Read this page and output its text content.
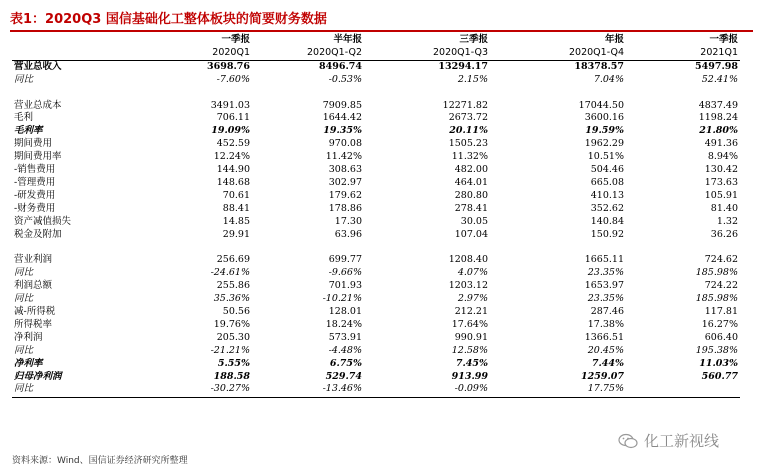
表1：2020Q3 国信基础化工整体板块的简要财务数据
	一季报	半年报	三季报	年报	一季报
	2020Q1	2020Q1-Q2	2020Q1-Q3	2020Q1-Q4	2021Q1
营业总收入	3698.76	8496.74	13294.17	18378.57	5497.98
同比	-7.60%	-0.53%	2.15%	7.04%	52.41%

营业总成本	3491.03	7909.85	12271.82	17044.50	4837.49
毛利	706.11	1644.42	2673.72	3600.16	1198.24
毛利率	19.09%	19.35%	20.11%	19.59%	21.80%
期间费用	452.59	970.08	1505.23	1962.29	491.36
期间费用率	12.24%	11.42%	11.32%	10.51%	8.94%
-销售费用	144.90	308.63	482.00	504.46	130.42
-管理费用	148.68	302.97	464.01	665.08	173.63
-研发费用	70.61	179.62	280.80	410.13	105.91
-财务费用	88.41	178.86	278.41	352.62	81.40
资产减值损失	14.85	17.30	30.05	140.84	1.32
税金及附加	29.91	63.96	107.04	150.92	36.26

营业利润	256.69	699.77	1208.40	1665.11	724.62
同比	-24.61%	-9.66%	4.07%	23.35%	185.98%
利润总额	255.86	701.93	1203.12	1653.97	724.22
同比	35.36%	-10.21%	2.97%	23.35%	185.98%
减-所得税	50.56	128.01	212.21	287.46	117.81
所得税率	19.76%	18.24%	17.64%	17.38%	16.27%
净利润	205.30	573.91	990.91	1366.51	606.40
同比	-21.21%	-4.48%	12.58%	20.45%	195.38%
净利率	5.55%	6.75%	7.45%	7.44%	11.03%
归母净利润	188.58	529.74	913.99	1259.07	560.77
同比	-30.27%	-13.46%	-0.09%	17.75%	
资料来源：Wind、国信证券经济研究所整理
化工新视线
